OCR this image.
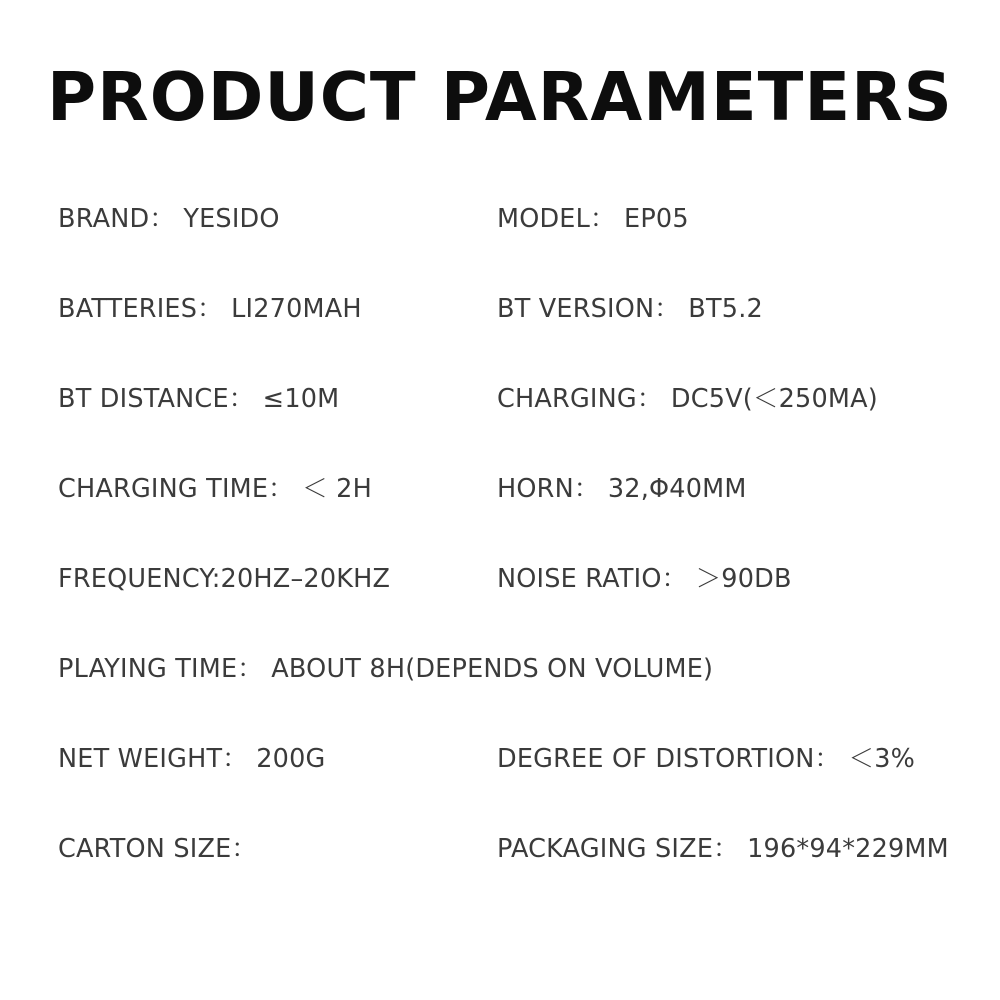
PRODUCT PARAMETERS
BRAND： YESIDO	MODEL： EP05
BATTERIES： LI270MAH	BT VERSION： BT5.2
BT DISTANCE： ≤10M	CHARGING： DC5V(＜250MA)
CHARGING TIME： ＜ 2H	HORN： 32,Φ40MM
FREQUENCY:20HZ–20KHZ	NOISE RATIO： ＞90DB
PLAYING TIME： ABOUT 8H(DEPENDS ON VOLUME)
NET WEIGHT： 200G	DEGREE OF DISTORTION： ＜3%
CARTON SIZE：	PACKAGING SIZE： 196*94*229MM
